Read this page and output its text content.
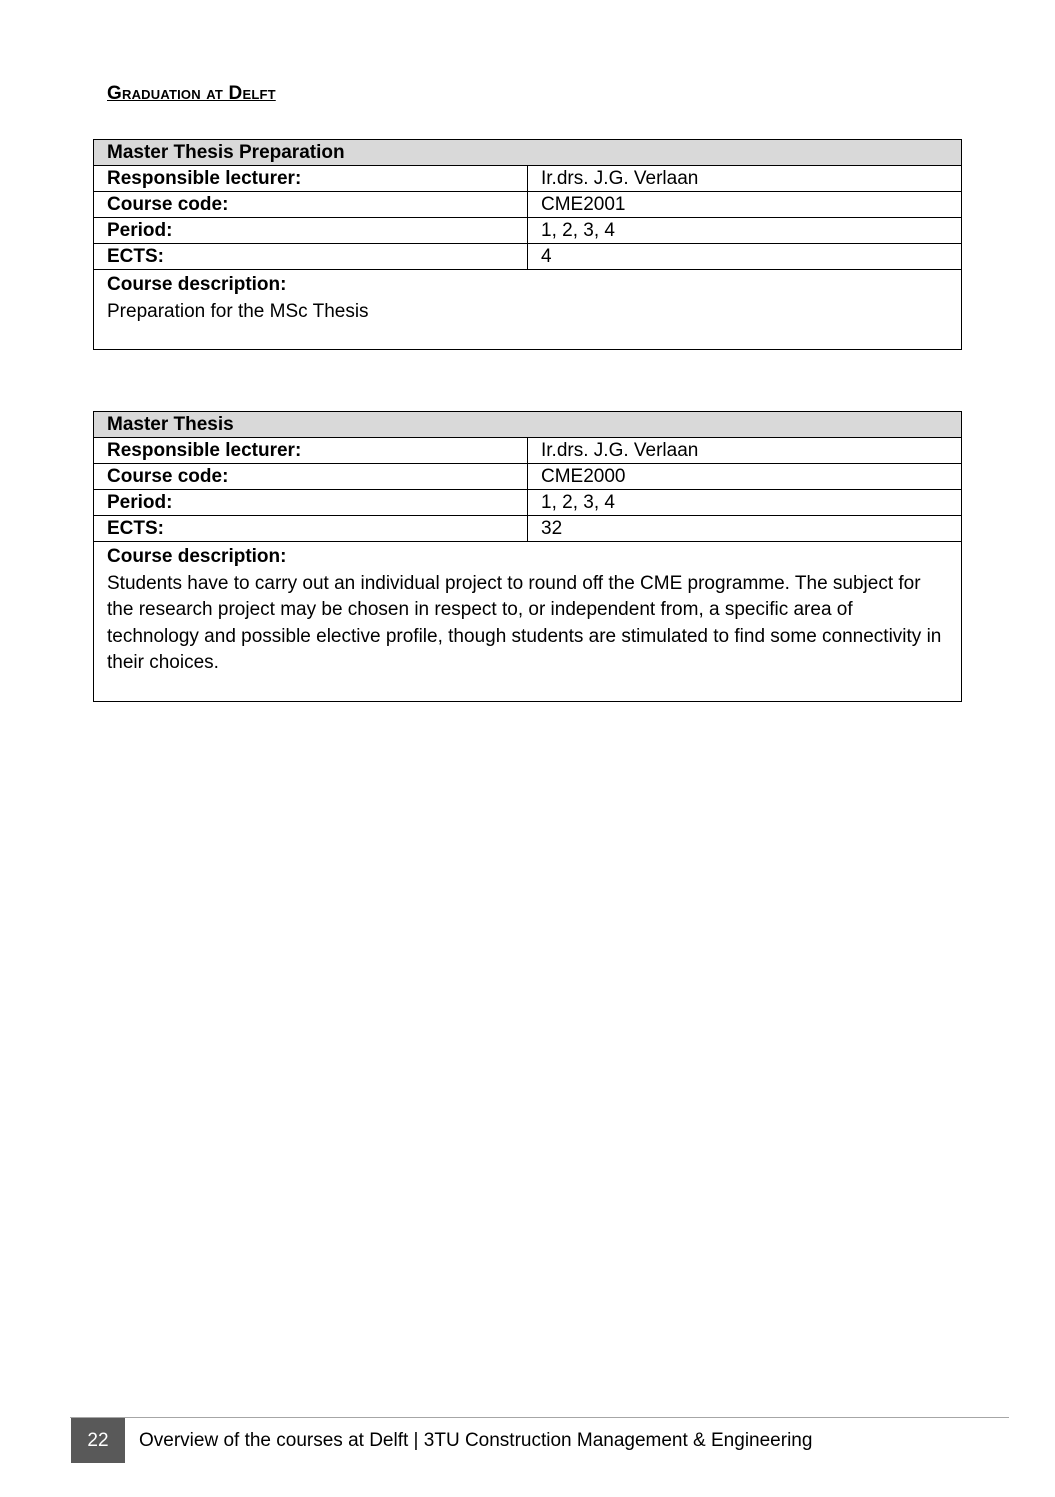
Graduation at Delft
Master Thesis Preparation	
Responsible lecturer:	Ir.drs. J.G. Verlaan
Course code:	CME2001
Period:	1, 2, 3, 4
ECTS:	4

Course description:
Preparation for the MSc Thesis	
Master Thesis	
Responsible lecturer:	Ir.drs. J.G. Verlaan
Course code:	CME2000
Period:	1, 2, 3, 4
ECTS:	32

Course description:
Students have to carry out an individual project to round off the CME programme. The subject for the research project may be chosen in respect to, or independent from, a specific area of technology and possible elective profile, though students are stimulated to find some connectivity in their choices.	
22	Overview of the courses at Delft | 3TU Construction Management & Engineering
